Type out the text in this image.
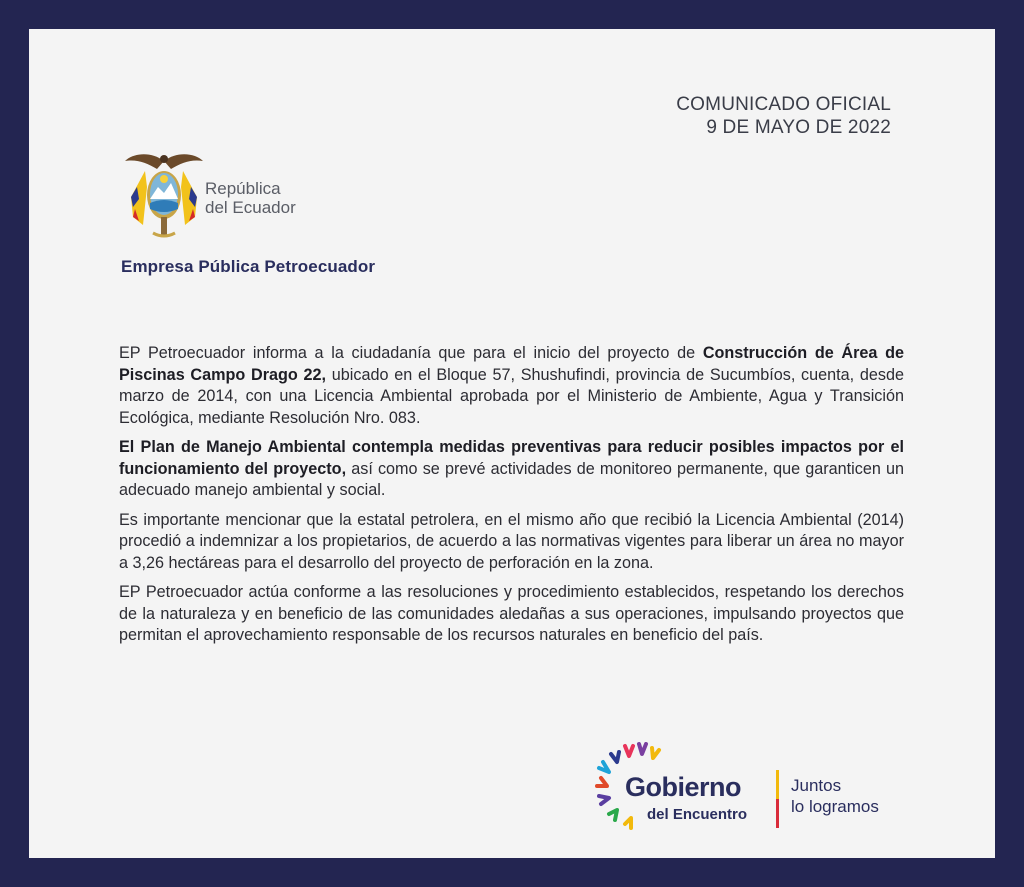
COMUNICADO OFICIAL
9 DE MAYO DE 2022
República
del Ecuador
Empresa Pública Petroecuador

EP Petroecuador informa a la ciudadanía que para el inicio del proyecto de Construcción de Área de Piscinas Campo Drago 22, ubicado en el Bloque 57, Shushufindi, provincia de Sucumbíos, cuenta, desde marzo de 2014, con una Licencia Ambiental aprobada por el Ministerio de Ambiente, Agua y Transición Ecológica, mediante Resolución Nro. 083.

El Plan de Manejo Ambiental contempla medidas preventivas para reducir posibles impactos por el funcionamiento del proyecto, así como se prevé actividades de monitoreo permanente, que garanticen un adecuado manejo ambiental y social.

Es importante mencionar que la estatal petrolera, en el mismo año que recibió la Licencia Ambiental (2014) procedió a indemnizar a los propietarios, de acuerdo a las normativas vigentes para liberar un área no mayor a 3,26 hectáreas para el desarrollo del proyecto de perforación en la zona.

EP Petroecuador actúa conforme a las resoluciones y procedimiento establecidos, respetando los derechos de la naturaleza y en beneficio de las comunidades aledañas a sus operaciones, impulsando proyectos que permitan el aprovechamiento responsable de los recursos naturales en beneficio del país.

Gobierno
del Encuentro
Juntos
lo logramos
